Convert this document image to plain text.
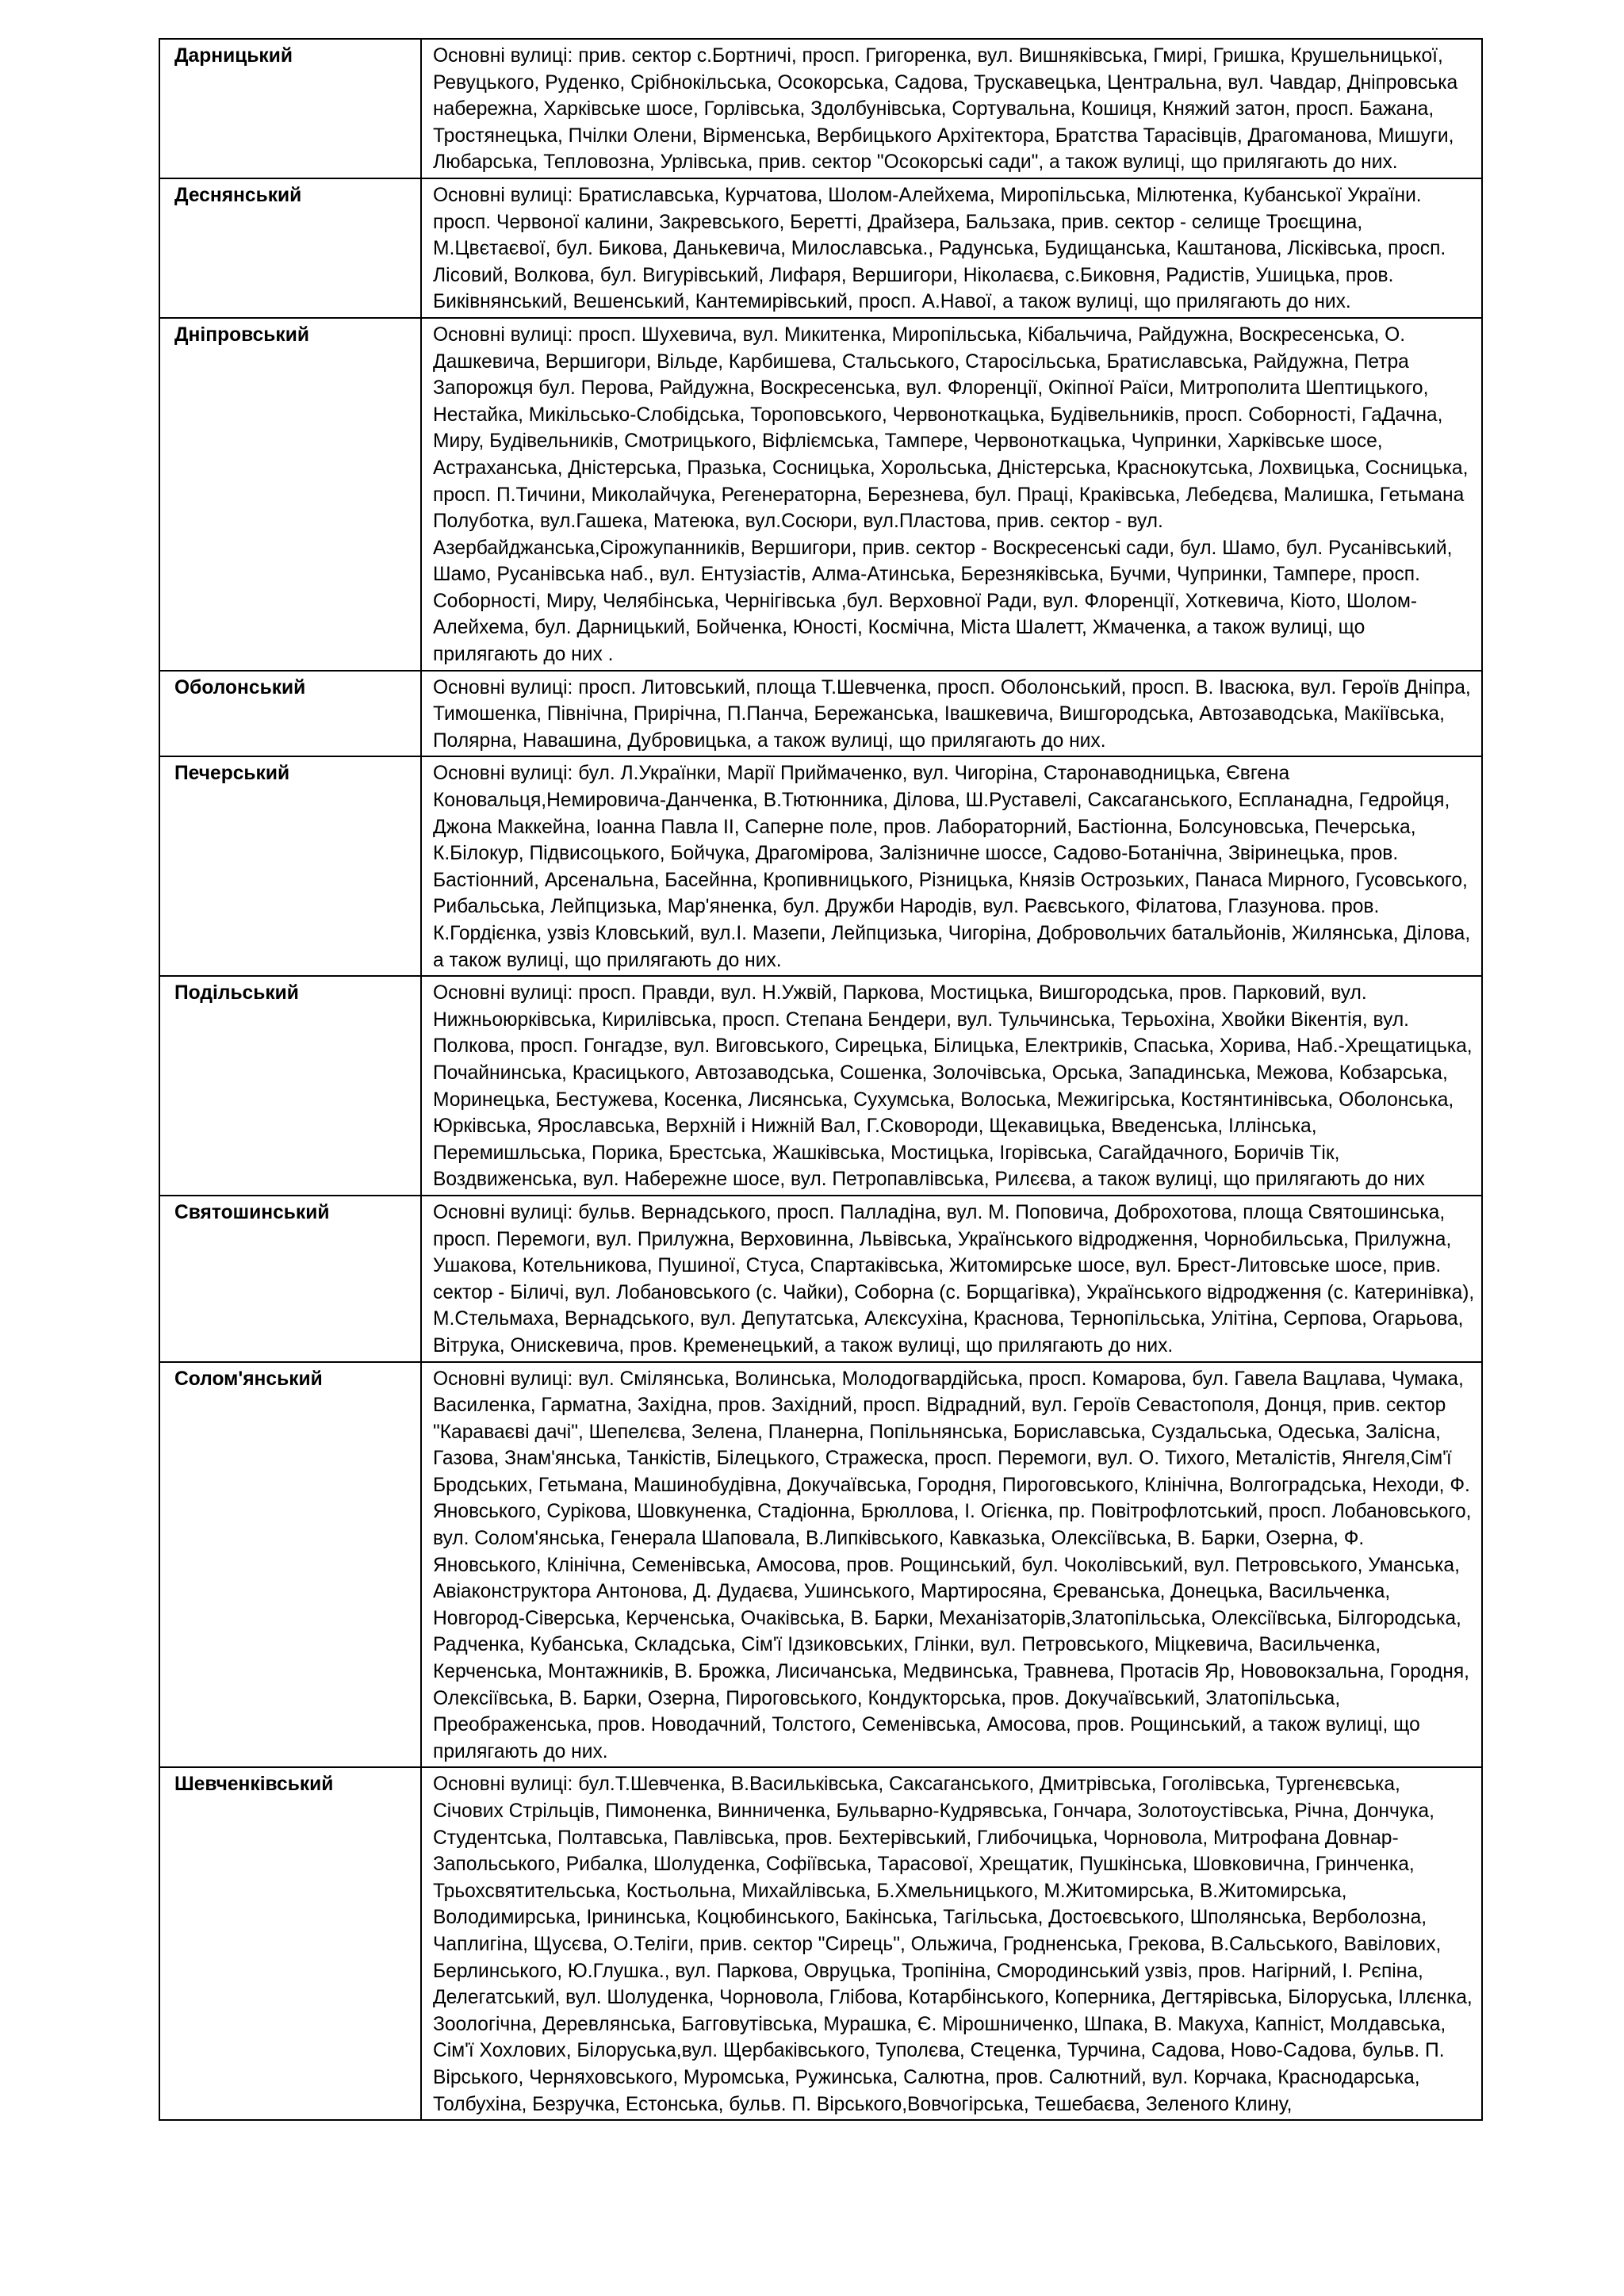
Дарницький	Основні вулиці: прив. сектор с.Бортничі, просп. Григоренка, вул. Вишняківська, Гмирі, Гришка, Крушельницької, Ревуцького, Руденко, Срібнокільська, Осокорська, Садова, Трускавецька, Центральна, вул. Чавдар, Дніпровська набережна, Харківське шосе, Горлівська, Здолбунівська, Сортувальна, Кошиця, Княжий затон, просп. Бажана, Тростянецька, Пчілки Олени, Вірменська, Вербицького Архітектора, Братства Тарасівців, Драгоманова, Мишуги, Любарська, Тепловозна, Урлівська, прив. сектор "Осокорські сади", а також вулиці, що прилягають до них.
Деснянський	Основні вулиці: Братиславська, Курчатова, Шолом-Алейхема, Миропільська, Мілютенка, Кубанської України. просп. Червоної калини, Закревського, Беретті, Драйзера, Бальзака, прив. сектор - селище Троєщина, М.Цвєтаєвої, бул. Бикова, Данькевича, Милославська., Радунська, Будищанська, Каштанова, Лісківська, просп. Лісовий, Волкова, бул. Вигурівський, Лифаря, Вершигори, Ніколаєва, с.Биковня, Радистів, Ушицька, пров. Биківнянський, Вешенський, Кантемирівський, просп. А.Навої, а також вулиці, що прилягають до них.
Дніпровський	Основні вулиці: просп. Шухевича, вул. Микитенка, Миропільська, Кібальчича, Райдужна, Воскресенська, О. Дашкевича, Вершигори, Вільде, Карбишева, Стальського, Старосільська, Братиславська, Райдужна, Петра Запорожця бул. Перова, Райдужна, Воскресенська, вул. Флоренції, Окіпної Раїси, Митрополита Шептицького, Нестайка, Микільсько-Слобідська, Тороповського, Червоноткацька, Будівельників, просп. Соборності, ГаДачна, Миру, Будівельників, Смотрицького, Віфліємська, Тампере, Червоноткацька, Чупринки, Харківське шосе, Астраханська, Дністерська, Празька, Сосницька, Хорольська, Дністерська, Краснокутська, Лохвицька, Сосницька, просп. П.Тичини, Миколайчука, Регенераторна, Березнева, бул. Праці, Краківська, Лебедєва, Малишка, Гетьмана Полуботка, вул.Гашека, Матеюка, вул.Сосюри, вул.Пластова, прив. сектор - вул. Азербайджанська,Сірожупанників, Вершигори, прив. сектор - Воскресенські сади, бул. Шамо, бул. Русанівський, Шамо, Русанівська наб., вул. Ентузіастів, Алма-Атинська, Березняківська, Бучми, Чупринки, Тампере, просп. Соборності, Миру, Челябінська, Чернігівська ,бул. Верховної Ради, вул. Флоренції, Хоткевича, Кіото, Шолом-Алейхема, бул. Дарницький, Бойченка, Юності, Космічна, Міста Шалетт, Жмаченка, а також вулиці, що прилягають до них .
Оболонський	Основні вулиці: просп. Литовський, площа Т.Шевченка, просп. Оболонський, просп. В. Івасюка, вул. Героїв Дніпра, Тимошенка, Північна, Прирічна, П.Панча, Бережанська, Івашкевича, Вишгородська, Автозаводська, Макіївська, Полярна, Навашина, Дубровицька, а також вулиці, що прилягають до них.
Печерський	Основні вулиці: бул. Л.Українки, Марії Приймаченко, вул. Чигоріна, Старонаводницька, Євгена Коновальця,Немировича-Данченка, В.Тютюнника, Ділова, Ш.Руставелі, Саксаганського, Еспланадна, Гедройця, Джона Маккейна, Іоанна Павла ІІ, Саперне поле, пров. Лабораторний, Бастіонна, Болсуновська, Печерська, К.Білокур, Підвисоцького, Бойчука, Драгомірова, Залізничне шоссе, Садово-Ботанічна, Звіринецька, пров. Бастіонний, Арсенальна, Басейнна, Кропивницького, Різницька, Князів Острозьких, Панаса Мирного, Гусовського, Рибальська, Лейпцизька, Мар'яненка, бул. Дружби Народів, вул. Раєвського, Філатова, Глазунова. пров. К.Гордієнка, узвіз Кловський, вул.І. Мазепи, Лейпцизька, Чигоріна, Добровольчих батальйонів, Жилянська, Ділова, а також вулиці, що прилягають до них.
Подільський	Основні вулиці: просп. Правди, вул. Н.Ужвій, Паркова, Мостицька, Вишгородська, пров. Парковий, вул. Нижньоюрківська, Кирилівська, просп. Степана Бендери, вул. Тульчинська, Терьохіна, Хвойки Вікентія, вул. Полкова, просп. Гонгадзе, вул. Виговського, Сирецька, Білицька, Електриків, Спаська, Хорива, Наб.-Хрещатицька, Почайнинська, Красицького, Автозаводська, Сошенка, Золочівська, Орська, Западинська, Межова, Кобзарська, Моринецька, Бестужева, Косенка, Лисянська, Сухумська, Волоська, Межигірська, Костянтинівська, Оболонська, Юрківська, Ярославська, Верхній і Нижній Вал, Г.Сковороди, Щекавицька, Введенська, Іллінська, Перемишльська, Порика, Брестська, Жашківська, Мостицька, Ігорівська, Сагайдачного, Боричів Тік, Воздвиженська, вул. Набережне шосе, вул. Петропавлівська, Рилєєва, а також вулиці, що прилягають до них
Святошинський	Основні вулиці: бульв. Вернадського, просп. Палладіна, вул. М. Поповича, Доброхотова, площа Святошинська, просп. Перемоги, вул. Прилужна, Верховинна, Львівська, Українського відродження, Чорнобильська, Прилужна, Ушакова, Котельникова, Пушиної, Стуса, Спартаківська, Житомирське шосе, вул. Брест-Литовське шосе, прив. сектор - Біличі, вул. Лобановського (с. Чайки), Соборна (с. Борщагівка), Українського відродження (с. Катеринівка), М.Стельмаха, Вернадського, вул. Депутатська, Алєксухіна, Краснова, Тернопільська, Улітіна, Серпова, Огарьова, Вітрука, Онискевича, пров. Кременецький, а також вулиці, що прилягають до них.
Солом'янський	Основні вулиці: вул. Смілянська, Волинська, Молодогвардійська, просп. Комарова, бул. Гавела Вацлава, Чумака, Василенка, Гарматна, Західна, пров. Західний, просп. Відрадний, вул. Героїв Севастополя, Донця, прив. сектор "Караваєві дачі", Шепелєва, Зелена, Планерна, Попільнянська, Бориславська, Суздальська, Одеська, Залісна, Газова, Знам'янська, Танкістів, Білецького, Стражеска, просп. Перемоги, вул. О. Тихого, Металістів, Янгеля,Сім'ї Бродських, Гетьмана, Машинобудівна, Докучаївська, Городня, Пироговського, Клінічна, Волгоградська, Неходи, Ф. Яновського, Сурікова, Шовкуненка, Стадіонна, Брюллова, І. Огієнка, пр. Повітрофлотський, просп. Лобановського, вул. Солом'янська, Генерала Шаповала, В.Липківського, Кавказька, Олексіївська, В. Барки, Озерна, Ф. Яновського, Клінічна, Семенівська, Амосова, пров. Рощинський, бул. Чоколівський, вул. Петровського, Уманська, Авіаконструктора Антонова, Д. Дудаєва, Ушинського, Мартиросяна, Єреванська, Донецька, Васильченка, Новгород-Сіверська, Керченська, Очаківська, В. Барки, Механізаторів,Златопільська, Олексіївська, Білгородська, Радченка, Кубанська, Складська, Сім'ї Ідзиковських, Глінки, вул. Петровського, Міцкевича, Васильченка, Керченська, Монтажників, В. Брожка, Лисичанська, Медвинська, Травнева, Протасів Яр, Нововокзальна, Городня, Олексіївська, В. Барки, Озерна, Пироговського, Кондукторська, пров. Докучаївський, Златопільська, Преображенська, пров. Новодачний, Толстого, Семенівська, Амосова, пров. Рощинський, а також вулиці, що прилягають до них.
Шевченківський	Основні вулиці: бул.Т.Шевченка, В.Васильківська, Саксаганського, Дмитрівська, Гоголівська, Тургенєвська, Січових Стрільців, Пимоненка, Винниченка, Бульварно-Кудрявська, Гончара, Золотоустівська, Річна, Дончука, Студентська, Полтавська, Павлівська, пров. Бехтерівський, Глибочицька, Чорновола, Митрофана Довнар-Запольського, Рибалка, Шолуденка, Софіївська, Тарасової, Хрещатик, Пушкінська, Шовковична, Гринченка, Трьохсвятительська, Костьольна, Михайлівська, Б.Хмельницького, М.Житомирська, В.Житомирська, Володимирська, Ірининська, Коцюбинського, Бакінська, Тагільська, Достоєвського, Шполянська, Верболозна, Чаплигіна, Щусєва, О.Теліги, прив. сектор "Сирець", Ольжича, Гродненська, Грекова, В.Сальського, Вавілових, Берлинського, Ю.Глушка., вул. Паркова, Овруцька, Тропініна, Смородинський узвіз, пров. Нагірний, І. Рєпіна, Делегатський, вул. Шолуденка, Чорновола, Глібова, Котарбінського, Коперника, Дегтярівська, Білоруська, Іллєнка, Зоологічна, Деревлянська, Багговутівська, Мурашка, Є. Мірошниченко, Шпака, В. Макуха, Капніст, Молдавська, Сім'ї Хохлових, Білоруська,вул. Щербаківського, Туполєва, Стеценка, Турчина, Садова, Ново-Садова, бульв. П. Вірського, Черняховського, Муромська, Ружинська, Салютна, пров. Салютний, вул. Корчака, Краснодарська, Толбухіна, Безручка, Естонська, бульв. П. Вірського,Вовчогірська, Тешебаєва, Зеленого Клину,
